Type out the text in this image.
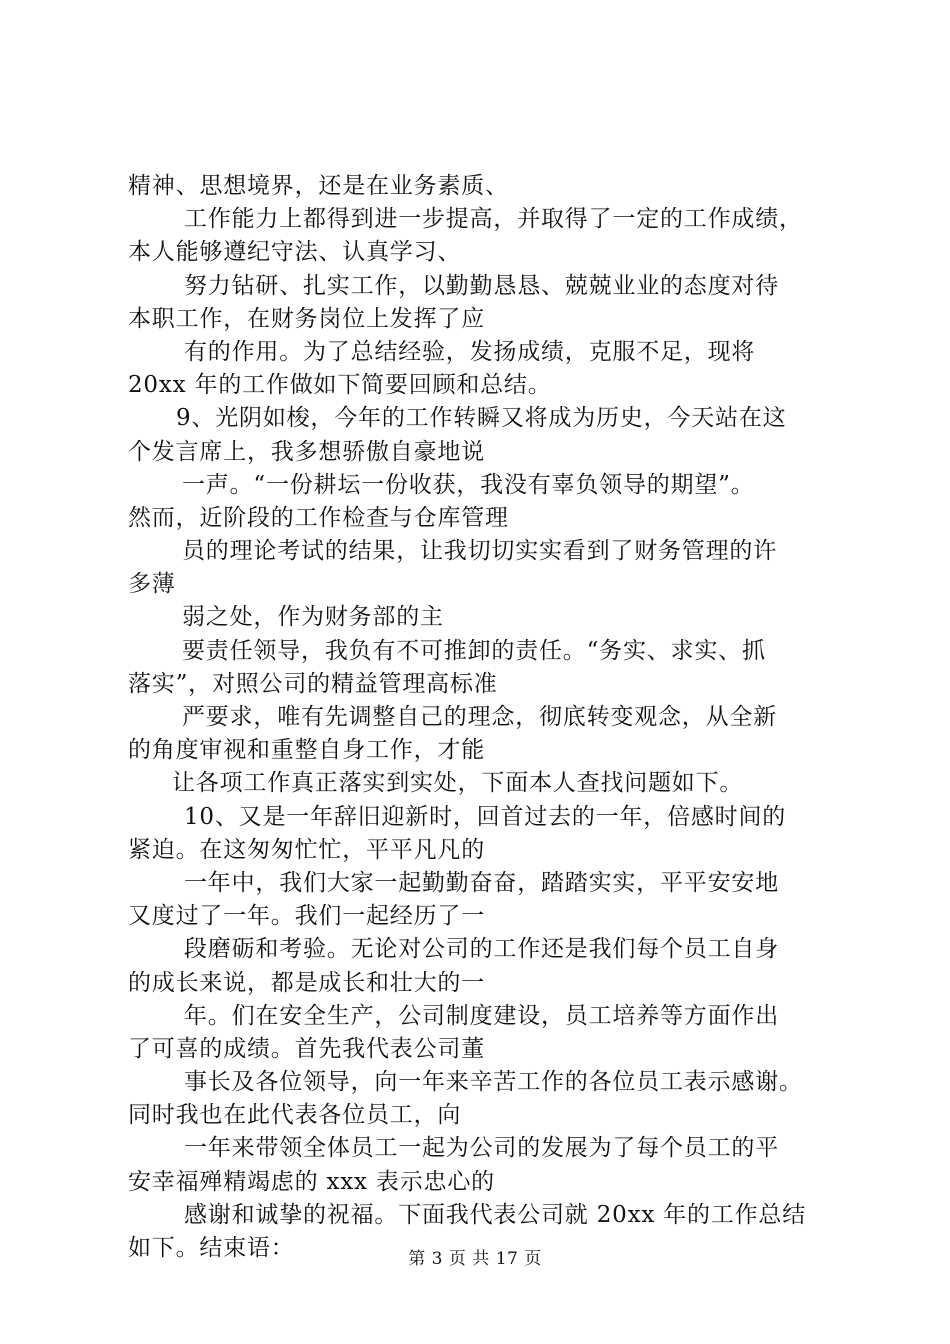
精神、思想境界，还是在业务素质、
工作能力上都得到进一步提高，并取得了一定的工作成绩，
本人能够遵纪守法、认真学习、
努力钻研、扎实工作，以勤勤恳恳、兢兢业业的态度对待
本职工作，在财务岗位上发挥了应
有的作用。为了总结经验，发扬成绩，克服不足，现将
20xx 年的工作做如下简要回顾和总结。
9、光阴如梭，今年的工作转瞬又将成为历史，今天站在这
个发言席上，我多想骄傲自豪地说
一声。“一份耕坛一份收获，我没有辜负领导的期望”。
然而，近阶段的工作检查与仓库管理
员的理论考试的结果，让我切切实实看到了财务管理的许
多薄
弱之处，作为财务部的主
要责任领导，我负有不可推卸的责任。“务实、求实、抓
落实”，对照公司的精益管理高标准
严要求，唯有先调整自己的理念，彻底转变观念，从全新
的角度审视和重整自身工作，才能
让各项工作真正落实到实处，下面本人查找问题如下。
10、又是一年辞旧迎新时，回首过去的一年，倍感时间的
紧迫。在这匆匆忙忙，平平凡凡的
一年中，我们大家一起勤勤奋奋，踏踏实实，平平安安地
又度过了一年。我们一起经历了一
段磨砺和考验。无论对公司的工作还是我们每个员工自身
的成长来说，都是成长和壮大的一
年。们在安全生产，公司制度建设，员工培养等方面作出
了可喜的成绩。首先我代表公司董
事长及各位领导，向一年来辛苦工作的各位员工表示感谢。
同时我也在此代表各位员工，向
一年来带领全体员工一起为公司的发展为了每个员工的平
安幸福殚精竭虑的 xxx 表示忠心的
感谢和诚挚的祝福。下面我代表公司就 20xx 年的工作总结
如下。结束语：	第 3 页 共 17 页
